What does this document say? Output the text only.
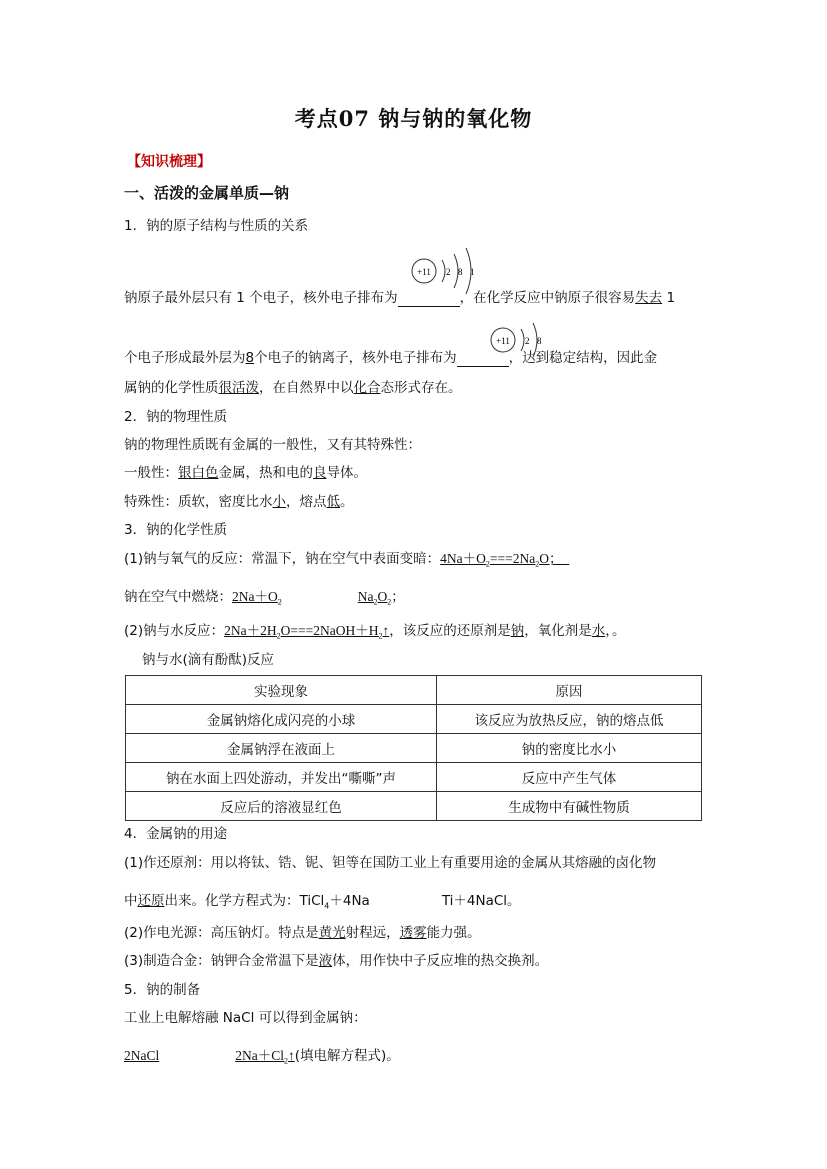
考点07 钠与钠的氧化物
【知识梳理】
一、活泼的金属单质—钠
1．钠的原子结构与性质的关系
+11 2 8 1
钠原子最外层只有 1 个电子，核外电子排布为	，在化学反应中钠原子很容易失去 1
+11 2 8
个电子形成最外层为8个电子的钠离子，核外电子排布为	，达到稳定结构，因此金
属钠的化学性质很活泼，在自然界中以化合态形式存在。
2．钠的物理性质
钠的物理性质既有金属的一般性，又有其特殊性：
一般性：银白色金属，热和电的良导体。
特殊性：质软，密度比水小，熔点低。
3．钠的化学性质
(1)钠与氧气的反应：常温下，钠在空气中表面变暗：$4Na+O_2===2Na_2O$；
钠在空气中燃烧：$2Na+O_2$	$Na_2O_2$；
(2)钠与水反应：$2Na+2H_2O===2NaOH+H_2↑$，该反应的还原剂是钠，氧化剂是水，。
钠与水(滴有酚酞)反应
实验现象	原因
金属钠熔化成闪亮的小球	该反应为放热反应，钠的熔点低
金属钠浮在液面上	钠的密度比水小
钠在水面上四处游动，并发出“嘶嘶”声	反应中产生气体
反应后的溶液显红色	生成物中有碱性物质
4．金属钠的用途
(1)作还原剂：用以将钛、锆、铌、钽等在国防工业上有重要用途的金属从其熔融的卤化物
中还原出来。化学方程式为：TiCl$_4$＋4Na	Ti＋4NaCl。
(2)作电光源：高压钠灯。特点是黄光射程远，透雾能力强。
(3)制造合金：钠钾合金常温下是液体，用作快中子反应堆的热交换剂。
5．钠的制备
工业上电解熔融 NaCl 可以得到金属钠：
2NaCl	$2Na+Cl_2↑$(填电解方程式)。
